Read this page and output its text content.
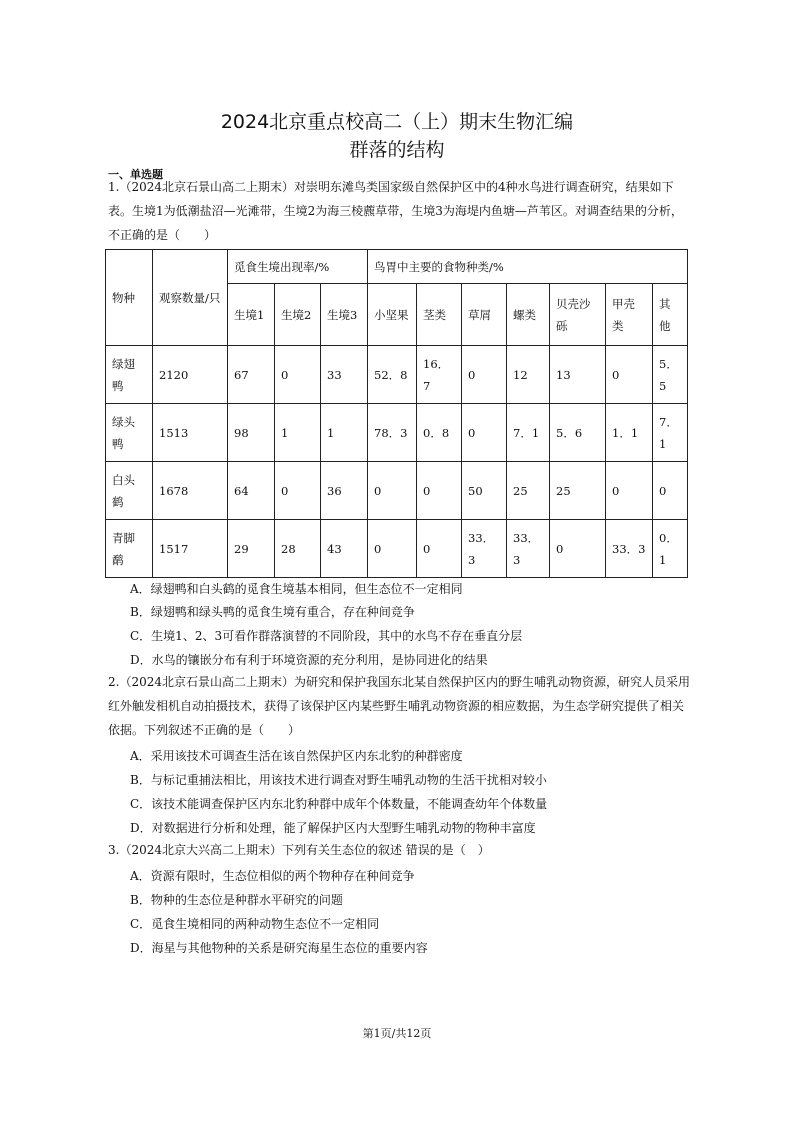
2024北京重点校高二（上）期末生物汇编
群落的结构
一、单选题
1.（2024北京石景山高二上期末）对崇明东滩鸟类国家级自然保护区中的4种水鸟进行调查研究，结果如下表。生境1为低潮盐沼—光滩带，生境2为海三棱藨草带，生境3为海堤内鱼塘—芦苇区。对调查结果的分析，不正确的是（　　）
物种	观察数量/只	觅食生境出现率/%			鸟胃中主要的食物种类/%						
		生境1	生境2	生境3	小坚果	茎类	草屑	螺类	贝壳沙砾	甲壳类	其他
绿翅鸭	2120	67	0	33	52．8	16．7	0	12	13	0	5．5
绿头鸭	1513	98	1	1	78．3	0．8	0	7．1	5．6	1．1	7．1
白头鹤	1678	64	0	36	0	0	50	25	25	0	0
青脚鹬	1517	29	28	43	0	0	33．3	33．3	0	33．3	0．1
A．绿翅鸭和白头鹤的觅食生境基本相同，但生态位不一定相同
B．绿翅鸭和绿头鸭的觅食生境有重合，存在种间竞争
C．生境1、2、3可看作群落演替的不同阶段，其中的水鸟不存在垂直分层
D．水鸟的镶嵌分布有利于环境资源的充分利用，是协同进化的结果
2.（2024北京石景山高二上期末）为研究和保护我国东北某自然保护区内的野生哺乳动物资源，研究人员采用红外触发相机自动拍摄技术，获得了该保护区内某些野生哺乳动物资源的相应数据，为生态学研究提供了相关依据。下列叙述不正确的是（　　）
A．采用该技术可调查生活在该自然保护区内东北豹的种群密度
B．与标记重捕法相比，用该技术进行调查对野生哺乳动物的生活干扰相对较小
C．该技术能调查保护区内东北豹种群中成年个体数量，不能调查幼年个体数量
D．对数据进行分析和处理，能了解保护区内大型野生哺乳动物的物种丰富度
3.（2024北京大兴高二上期末）下列有关生态位的叙述 错误的是（　）
A．资源有限时，生态位相似的两个物种存在种间竞争
B．物种的生态位是种群水平研究的问题
C．觅食生境相同的两种动物生态位不一定相同
D．海星与其他物种的关系是研究海星生态位的重要内容
第1页/共12页
